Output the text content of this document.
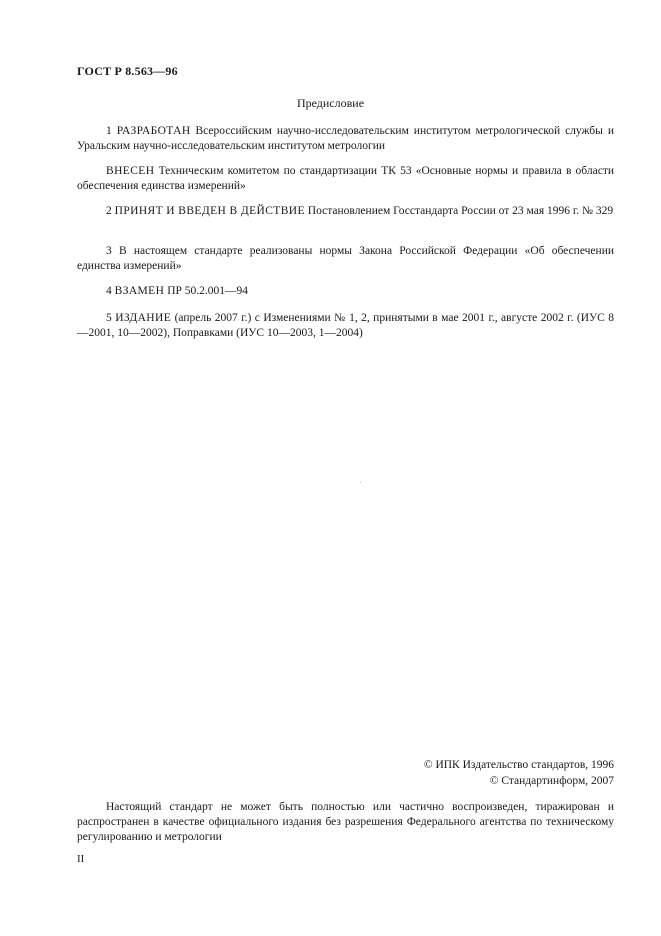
ГОСТ Р 8.563—96
Предисловие
1 РАЗРАБОТАН Всероссийским научно-исследовательским институтом метрологической службы и Уральским научно-исследовательским институтом метрологии
ВНЕСЕН Техническим комитетом по стандартизации ТК 53 «Основные нормы и правила в области обеспечения единства измерений»
2 ПРИНЯТ И ВВЕДЕН В ДЕЙСТВИЕ Постановлением Госстандарта России от 23 мая 1996 г. № 329
3 В настоящем стандарте реализованы нормы Закона Российской Федерации «Об обеспечении единства измерений»
4 ВЗАМЕН ПР 50.2.001—94
5 ИЗДАНИЕ (апрель 2007 г.) с Изменениями № 1, 2, принятыми в мае 2001 г., августе 2002 г. (ИУС 8—2001, 10—2002), Поправками (ИУС 10—2003, 1—2004)
© ИПК Издательство стандартов, 1996
© Стандартинформ, 2007
Настоящий стандарт не может быть полностью или частично воспроизведен, тиражирован и распространен в качестве официального издания без разрешения Федерального агентства по техническому регулированию и метрологии
II
